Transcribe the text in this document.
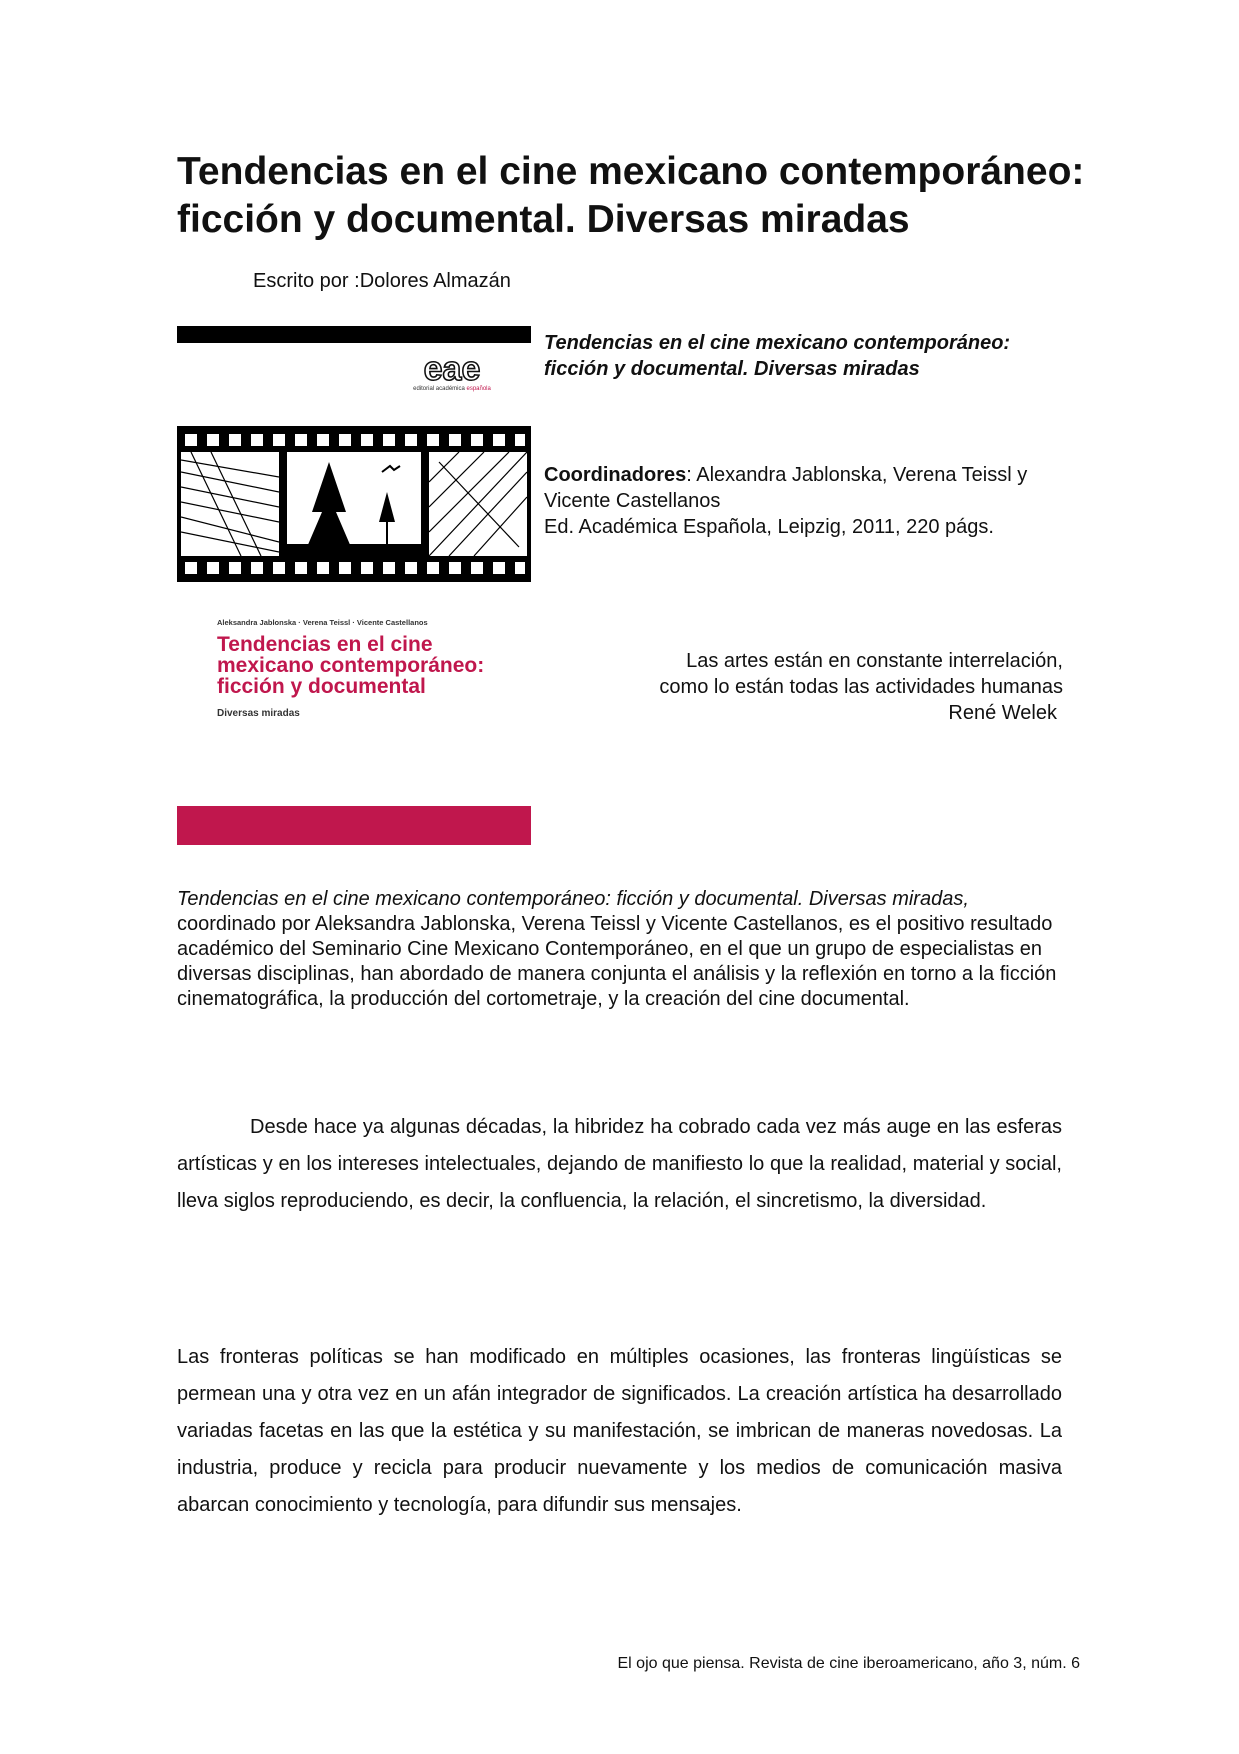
Tendencias en el cine mexicano contemporáneo: ficción y documental. Diversas miradas
Escrito por :Dolores Almazán
eae
editorial académica española
Aleksandra Jablonska · Verena Teissl · Vicente Castellanos
Tendencias en el cine mexicano contemporáneo: ficción y documental
Diversas miradas
Tendencias en el cine mexicano contemporáneo: ficción y documental. Diversas miradas
Coordinadores: Alexandra Jablonska, Verena Teissl y Vicente Castellanos
Ed. Académica Española, Leipzig, 2011, 220 págs.
Las artes están en constante interrelación,
como lo están todas las actividades humanas
René Welek
Tendencias en el cine mexicano contemporáneo: ficción y documental. Diversas miradas,
coordinado por Aleksandra Jablonska, Verena Teissl y Vicente Castellanos, es el positivo resultado académico del Seminario Cine Mexicano Contemporáneo, en el que un grupo de especialistas en diversas disciplinas, han abordado de manera conjunta el análisis y la reflexión en torno a la ficción cinematográfica, la producción del cortometraje, y la creación del cine documental.
Desde hace ya algunas décadas, la hibridez ha cobrado cada vez más auge en las esferas artísticas y en los intereses intelectuales, dejando de manifiesto lo que la realidad, material y social, lleva siglos reproduciendo, es decir, la confluencia, la relación, el sincretismo, la diversidad.
Las fronteras políticas se han modificado en múltiples ocasiones, las fronteras lingüísticas se permean una y otra vez en un afán integrador de significados. La creación artística ha desarrollado variadas facetas en las que la estética y su manifestación, se imbrican de maneras novedosas. La industria, produce y recicla para producir nuevamente y los medios de comunicación masiva abarcan conocimiento y tecnología, para difundir sus mensajes.
El ojo que piensa. Revista de cine iberoamericano, año 3, núm. 6
